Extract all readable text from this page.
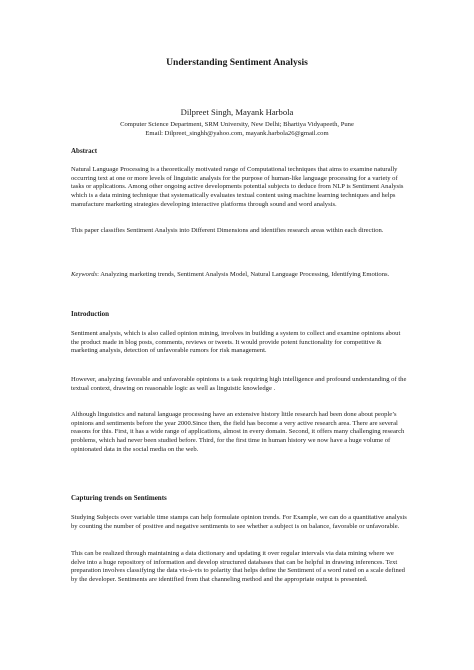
Understanding Sentiment Analysis
Dilpreet Singh, Mayank Harbola
Computer Science Department, SRM University, New Delhi; Bhartiya Vidyapeeth, Pune
Email: Dilpreet_singhh@yahoo.com, mayank.harbola26@gmail.com
Abstract

Natural Language Processing is a theoretically motivated range of Computational techniques that aims to examine naturally occurring text at one or more levels of linguistic analysis for the purpose of human-like language processing for a variety of tasks or applications. Among other ongoing active developments potential subjects to deduce from NLP is Sentiment Analysis which is a data mining technique that systematically evaluates textual content using machine learning techniques and helps manufacture marketing strategies developing interactive platforms through sound and word analysis.

This paper classifies Sentiment Analysis into Different Dimensions and identifies research areas within each direction.

Keywords: Analyzing marketing trends, Sentiment Analysis Model, Natural Language Processing, Identifying Emotions.

Introduction

Sentiment analysis, which is also called opinion mining, involves in building a system to collect and examine opinions about the product made in blog posts, comments, reviews or tweets. It would provide potent functionality for competitive & marketing analysis, detection of unfavorable rumors for risk management.

However, analyzing favorable and unfavorable opinions is a task requiring high intelligence and profound understanding of the textual context, drawing on reasonable logic as well as linguistic knowledge .

Although linguistics and natural language processing have an extensive history little research had been done about people’s opinions and sentiments before the year 2000.Since then, the field has become a very active research area. There are several reasons for this. First, it has a wide range of applications, almost in every domain. Second, it offers many challenging research problems, which had never been studied before. Third, for the first time in human history we now have a huge volume of opinionated data in the social media on the web.

Capturing trends on Sentiments

Studying Subjects over variable time stamps can help formulate opinion trends. For Example, we can do a quantitative analysis by counting the number of positive and negative sentiments to see whether a subject is on balance, favorable or unfavorable.

This can be realized through maintaining a data dictionary and updating it over regular intervals via data mining where we delve into a huge repository of information and develop structured databases that can be helpful in drawing inferences. Text preparation involves classifying the data vis-à-vis to polarity that helps define the Sentiment of a word rated on a scale defined by the developer. Sentiments are identified from that channeling method and the appropriate output is presented.
